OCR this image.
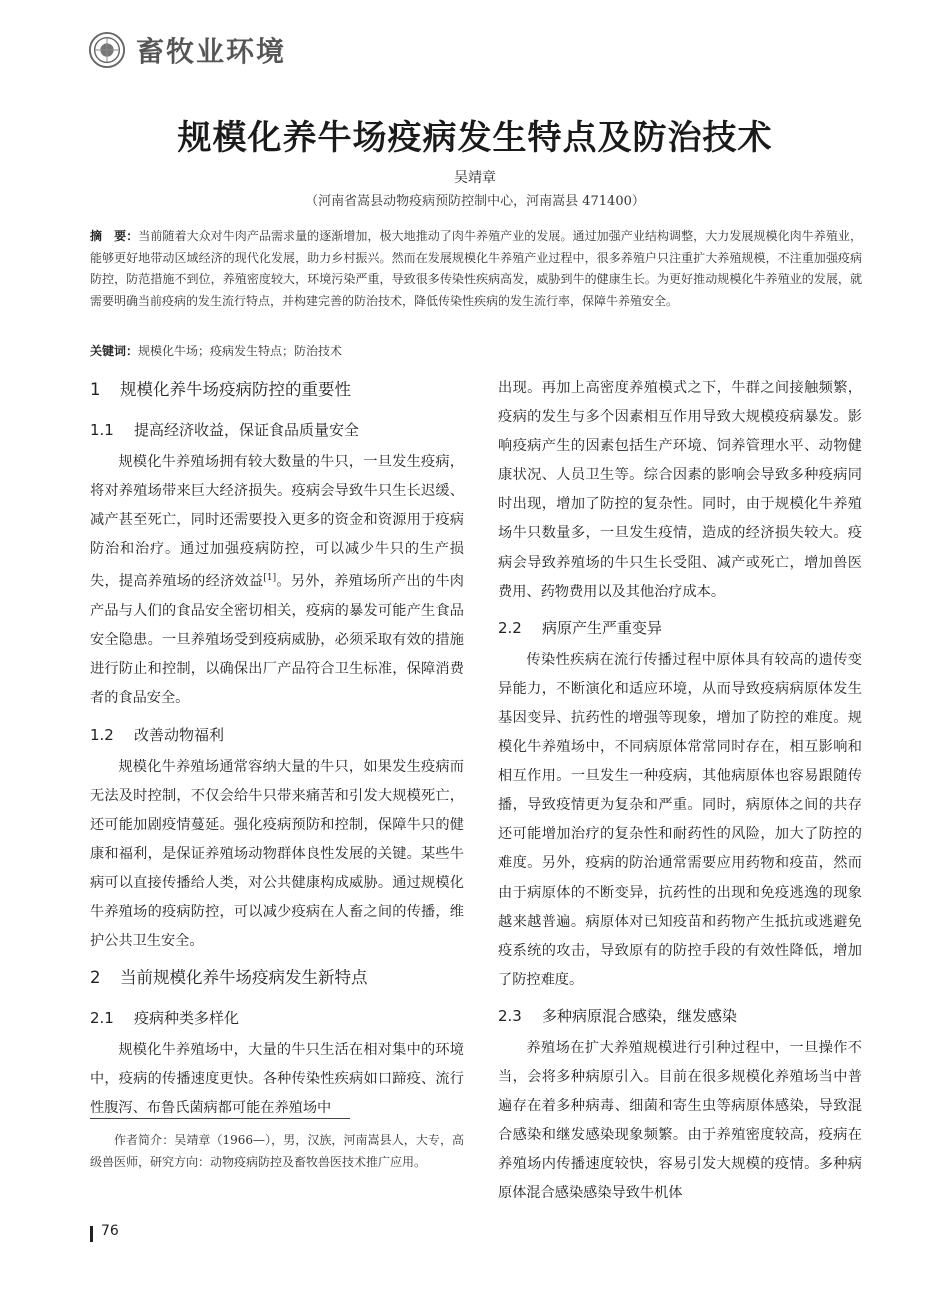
畜牧业环境
规模化养牛场疫病发生特点及防治技术
吴靖章
（河南省嵩县动物疫病预防控制中心，河南嵩县 471400）
摘　要：当前随着大众对牛肉产品需求量的逐渐增加，极大地推动了肉牛养殖产业的发展。通过加强产业结构调整，大力发展规模化肉牛养殖业，能够更好地带动区域经济的现代化发展，助力乡村振兴。然而在发展规模化牛养殖产业过程中，很多养殖户只注重扩大养殖规模，不注重加强疫病防控，防范措施不到位，养殖密度较大，环境污染严重，导致很多传染性疾病高发，威胁到牛的健康生长。为更好推动规模化牛养殖业的发展，就需要明确当前疫病的发生流行特点，并构建完善的防治技术，降低传染性疾病的发生流行率，保障牛养殖安全。
关键词：规模化牛场；疫病发生特点；防治技术
1 规模化养牛场疫病防控的重要性
1.1 提高经济收益，保证食品质量安全

规模化牛养殖场拥有较大数量的牛只，一旦发生疫病，将对养殖场带来巨大经济损失。疫病会导致牛只生长迟缓、减产甚至死亡，同时还需要投入更多的资金和资源用于疫病防治和治疗。通过加强疫病防控，可以减少牛只的生产损失，提高养殖场的经济效益[1]。另外，养殖场所产出的牛肉产品与人们的食品安全密切相关，疫病的暴发可能产生食品安全隐患。一旦养殖场受到疫病威胁，必须采取有效的措施进行防止和控制，以确保出厂产品符合卫生标准，保障消费者的食品安全。

1.2 改善动物福利

规模化牛养殖场通常容纳大量的牛只，如果发生疫病而无法及时控制，不仅会给牛只带来痛苦和引发大规模死亡，还可能加剧疫情蔓延。强化疫病预防和控制，保障牛只的健康和福利，是保证养殖场动物群体良性发展的关键。某些牛病可以直接传播给人类，对公共健康构成威胁。通过规模化牛养殖场的疫病防控，可以减少疫病在人畜之间的传播，维护公共卫生安全。

2 当前规模化养牛场疫病发生新特点
2.1 疫病种类多样化

规模化牛养殖场中，大量的牛只生活在相对集中的环境中，疫病的传播速度更快。各种传染性疾病如口蹄疫、流行性腹泻、布鲁氏菌病都可能在养殖场中

出现。再加上高密度养殖模式之下，牛群之间接触频繁，疫病的发生与多个因素相互作用导致大规模疫病暴发。影响疫病产生的因素包括生产环境、饲养管理水平、动物健康状况、人员卫生等。综合因素的影响会导致多种疫病同时出现，增加了防控的复杂性。同时，由于规模化牛养殖场牛只数量多，一旦发生疫情，造成的经济损失较大。疫病会导致养殖场的牛只生长受阻、减产或死亡，增加兽医费用、药物费用以及其他治疗成本。

2.2 病原产生严重变异

传染性疾病在流行传播过程中原体具有较高的遗传变异能力，不断演化和适应环境，从而导致疫病病原体发生基因变异、抗药性的增强等现象，增加了防控的难度。规模化牛养殖场中，不同病原体常常同时存在，相互影响和相互作用。一旦发生一种疫病，其他病原体也容易跟随传播，导致疫情更为复杂和严重。同时，病原体之间的共存还可能增加治疗的复杂性和耐药性的风险，加大了防控的难度。另外，疫病的防治通常需要应用药物和疫苗，然而由于病原体的不断变异，抗药性的出现和免疫逃逸的现象越来越普遍。病原体对已知疫苗和药物产生抵抗或逃避免疫系统的攻击，导致原有的防控手段的有效性降低，增加了防控难度。

2.3 多种病原混合感染，继发感染

养殖场在扩大养殖规模进行引种过程中，一旦操作不当，会将多种病原引入。目前在很多规模化养殖场当中普遍存在着多种病毒、细菌和寄生虫等病原体感染，导致混合感染和继发感染现象频繁。由于养殖密度较高，疫病在养殖场内传播速度较快，容易引发大规模的疫情。多种病原体混合感染感染导致牛机体

作者简介：吴靖章（1966—），男，汉族，河南嵩县人，大专，高级兽医师，研究方向：动物疫病防控及畜牧兽医技术推广应用。
76
